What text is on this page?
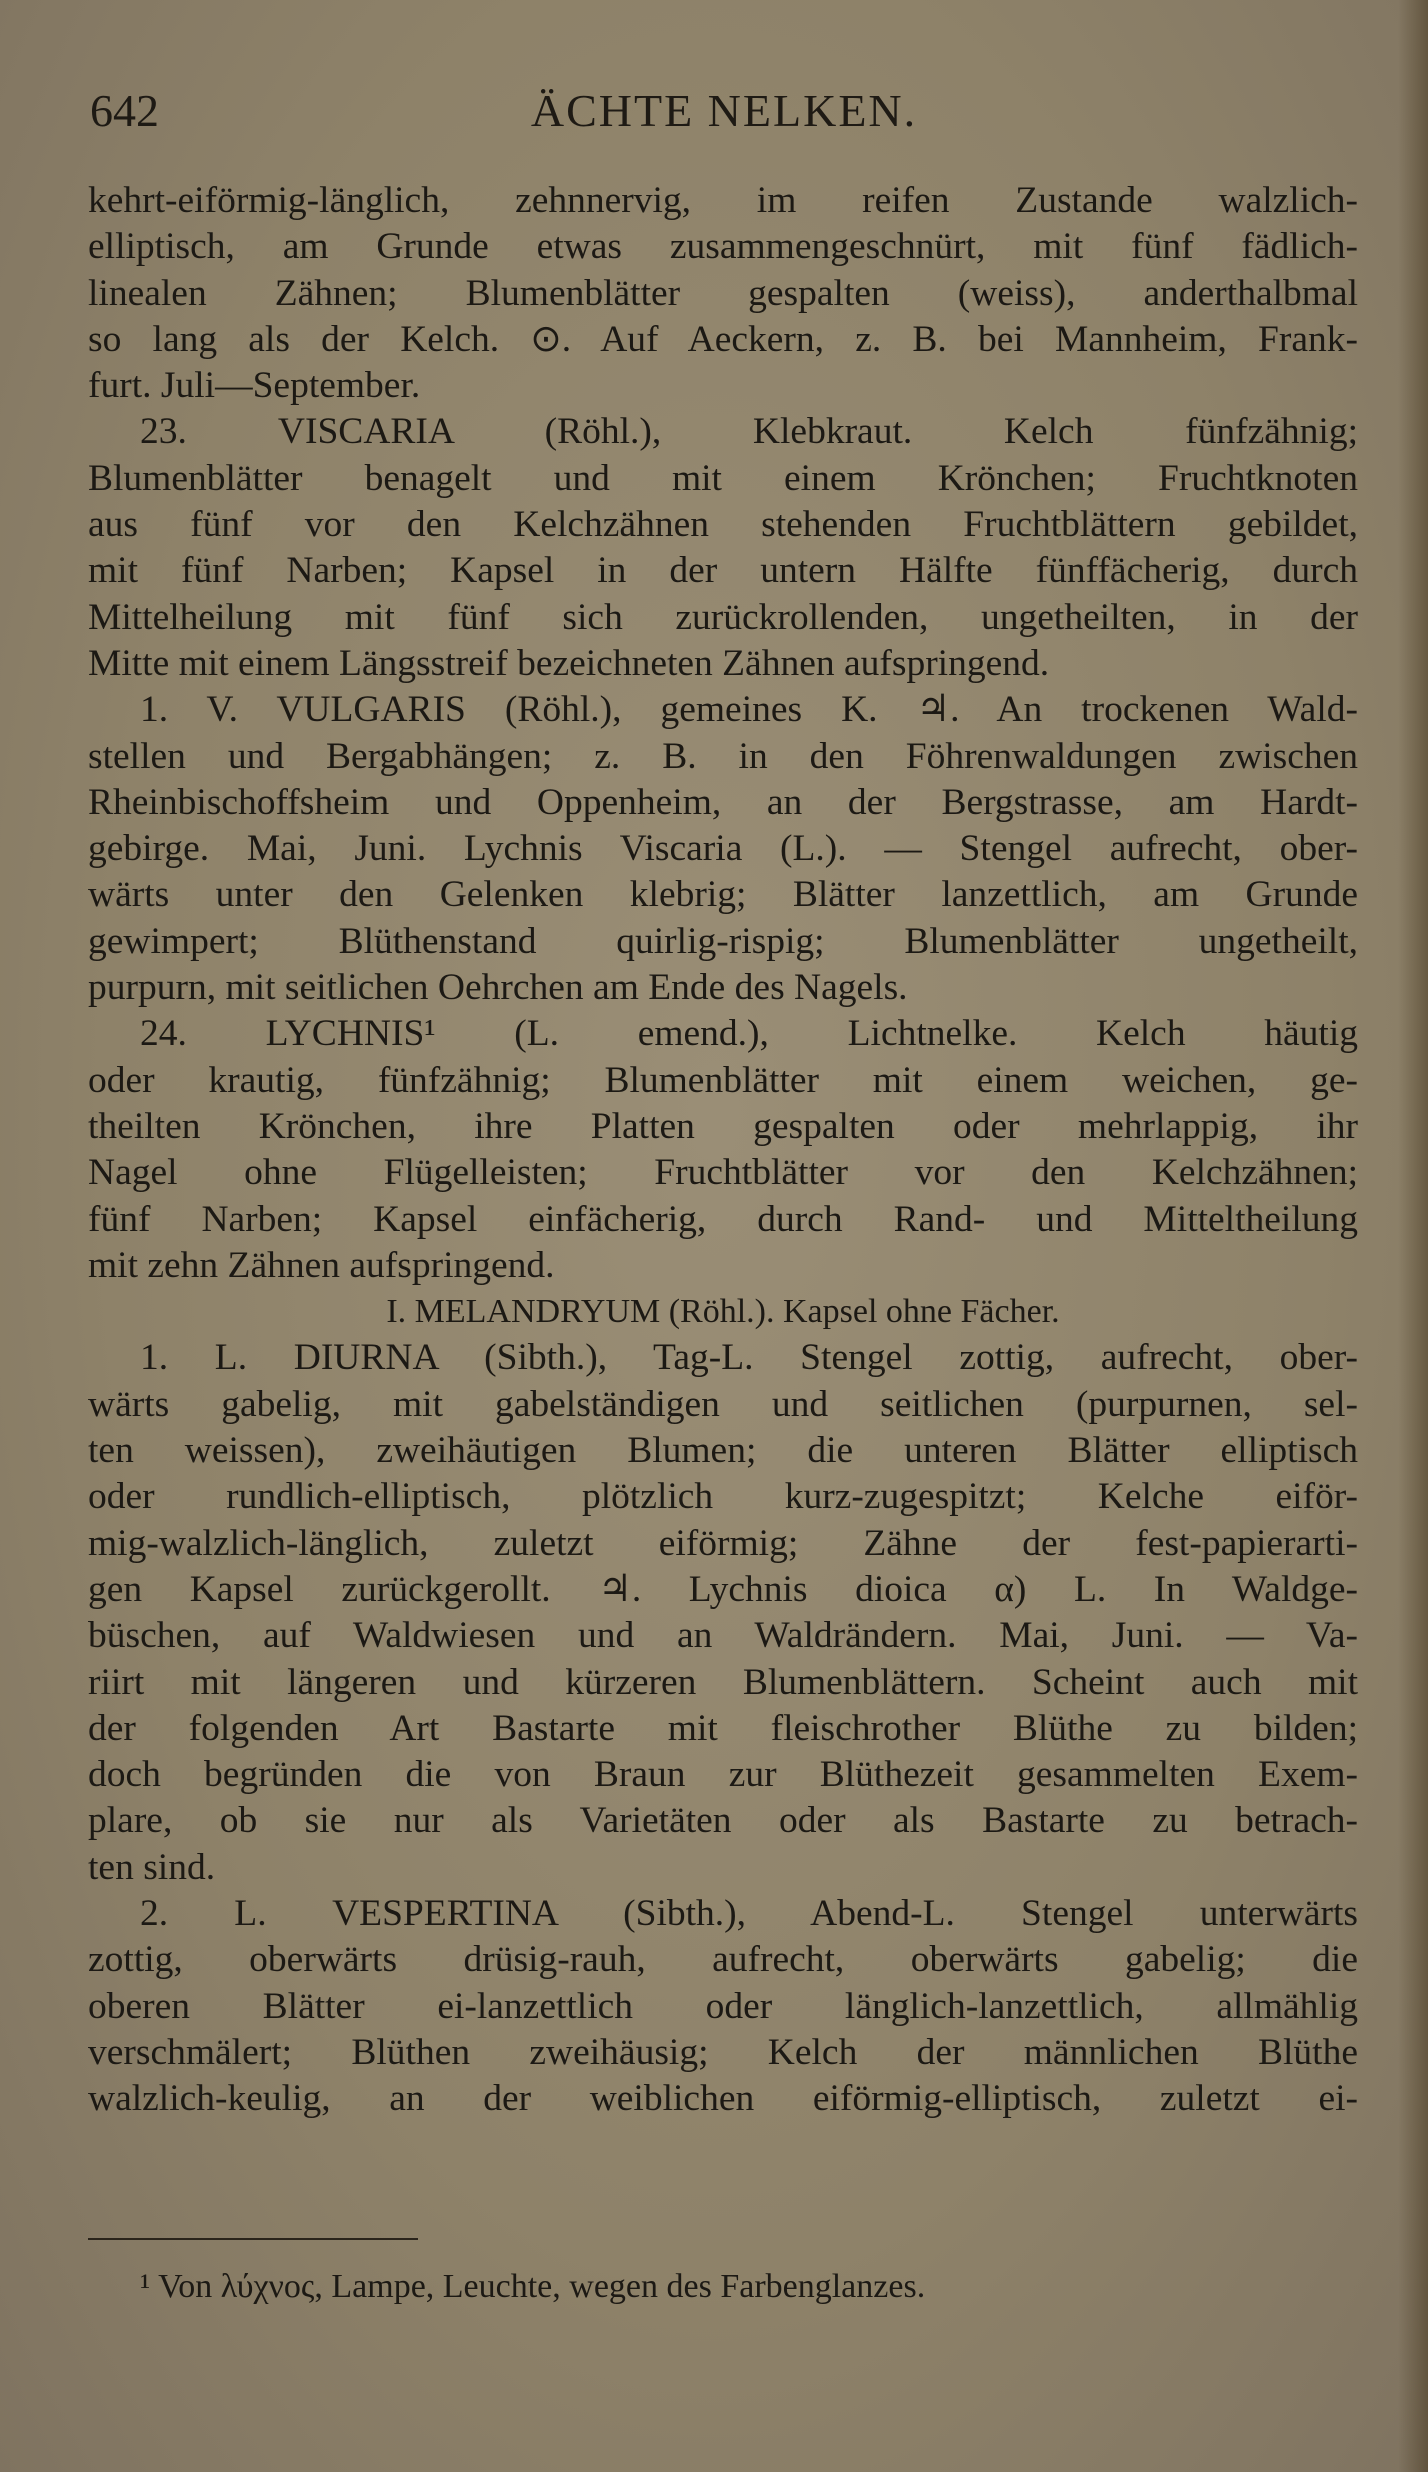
642	ÄCHTE NELKEN.
kehrt-eiförmig-länglich, zehnnervig, im reifen Zustande walzlich-
elliptisch, am Grunde etwas zusammengeschnürt, mit fünf fädlich-
linealen Zähnen; Blumenblätter gespalten (weiss), anderthalbmal
so lang als der Kelch. ⊙. Auf Aeckern, z. B. bei Mannheim, Frank-
furt. Juli—September.
23. VISCARIA (Röhl.), Klebkraut. Kelch fünfzähnig;
Blumenblätter benagelt und mit einem Krönchen; Fruchtknoten
aus fünf vor den Kelchzähnen stehenden Fruchtblättern gebildet,
mit fünf Narben; Kapsel in der untern Hälfte fünffächerig, durch
Mittelheilung mit fünf sich zurückrollenden, ungetheilten, in der
Mitte mit einem Längsstreif bezeichneten Zähnen aufspringend.
1. V. VULGARIS (Röhl.), gemeines K. ♃. An trockenen Wald-
stellen und Bergabhängen; z. B. in den Föhrenwaldungen zwischen
Rheinbischoffsheim und Oppenheim, an der Bergstrasse, am Hardt-
gebirge. Mai, Juni. Lychnis Viscaria (L.). — Stengel aufrecht, ober-
wärts unter den Gelenken klebrig; Blätter lanzettlich, am Grunde
gewimpert; Blüthenstand quirlig-rispig; Blumenblätter ungetheilt,
purpurn, mit seitlichen Oehrchen am Ende des Nagels.
24. LYCHNIS¹ (L. emend.), Lichtnelke. Kelch häutig
oder krautig, fünfzähnig; Blumenblätter mit einem weichen, ge-
theilten Krönchen, ihre Platten gespalten oder mehrlappig, ihr
Nagel ohne Flügelleisten; Fruchtblätter vor den Kelchzähnen;
fünf Narben; Kapsel einfächerig, durch Rand- und Mitteltheilung
mit zehn Zähnen aufspringend.
I. MELANDRYUM (Röhl.). Kapsel ohne Fächer.
1. L. DIURNA (Sibth.), Tag-L. Stengel zottig, aufrecht, ober-
wärts gabelig, mit gabelständigen und seitlichen (purpurnen, sel-
ten weissen), zweihäutigen Blumen; die unteren Blätter elliptisch
oder rundlich-elliptisch, plötzlich kurz-zugespitzt; Kelche eiför-
mig-walzlich-länglich, zuletzt eiförmig; Zähne der fest-papierarti-
gen Kapsel zurückgerollt. ♃. Lychnis dioica α) L. In Waldge-
büschen, auf Waldwiesen und an Waldrändern. Mai, Juni. — Va-
riirt mit längeren und kürzeren Blumenblättern. Scheint auch mit
der folgenden Art Bastarte mit fleischrother Blüthe zu bilden;
doch begründen die von Braun zur Blüthezeit gesammelten Exem-
plare, ob sie nur als Varietäten oder als Bastarte zu betrach-
ten sind.
2. L. VESPERTINA (Sibth.), Abend-L. Stengel unterwärts
zottig, oberwärts drüsig-rauh, aufrecht, oberwärts gabelig; die
oberen Blätter ei-lanzettlich oder länglich-lanzettlich, allmählig
verschmälert; Blüthen zweihäusig; Kelch der männlichen Blüthe
walzlich-keulig, an der weiblichen eiförmig-elliptisch, zuletzt ei-
¹ Von λύχνος, Lampe, Leuchte, wegen des Farbenglanzes.
